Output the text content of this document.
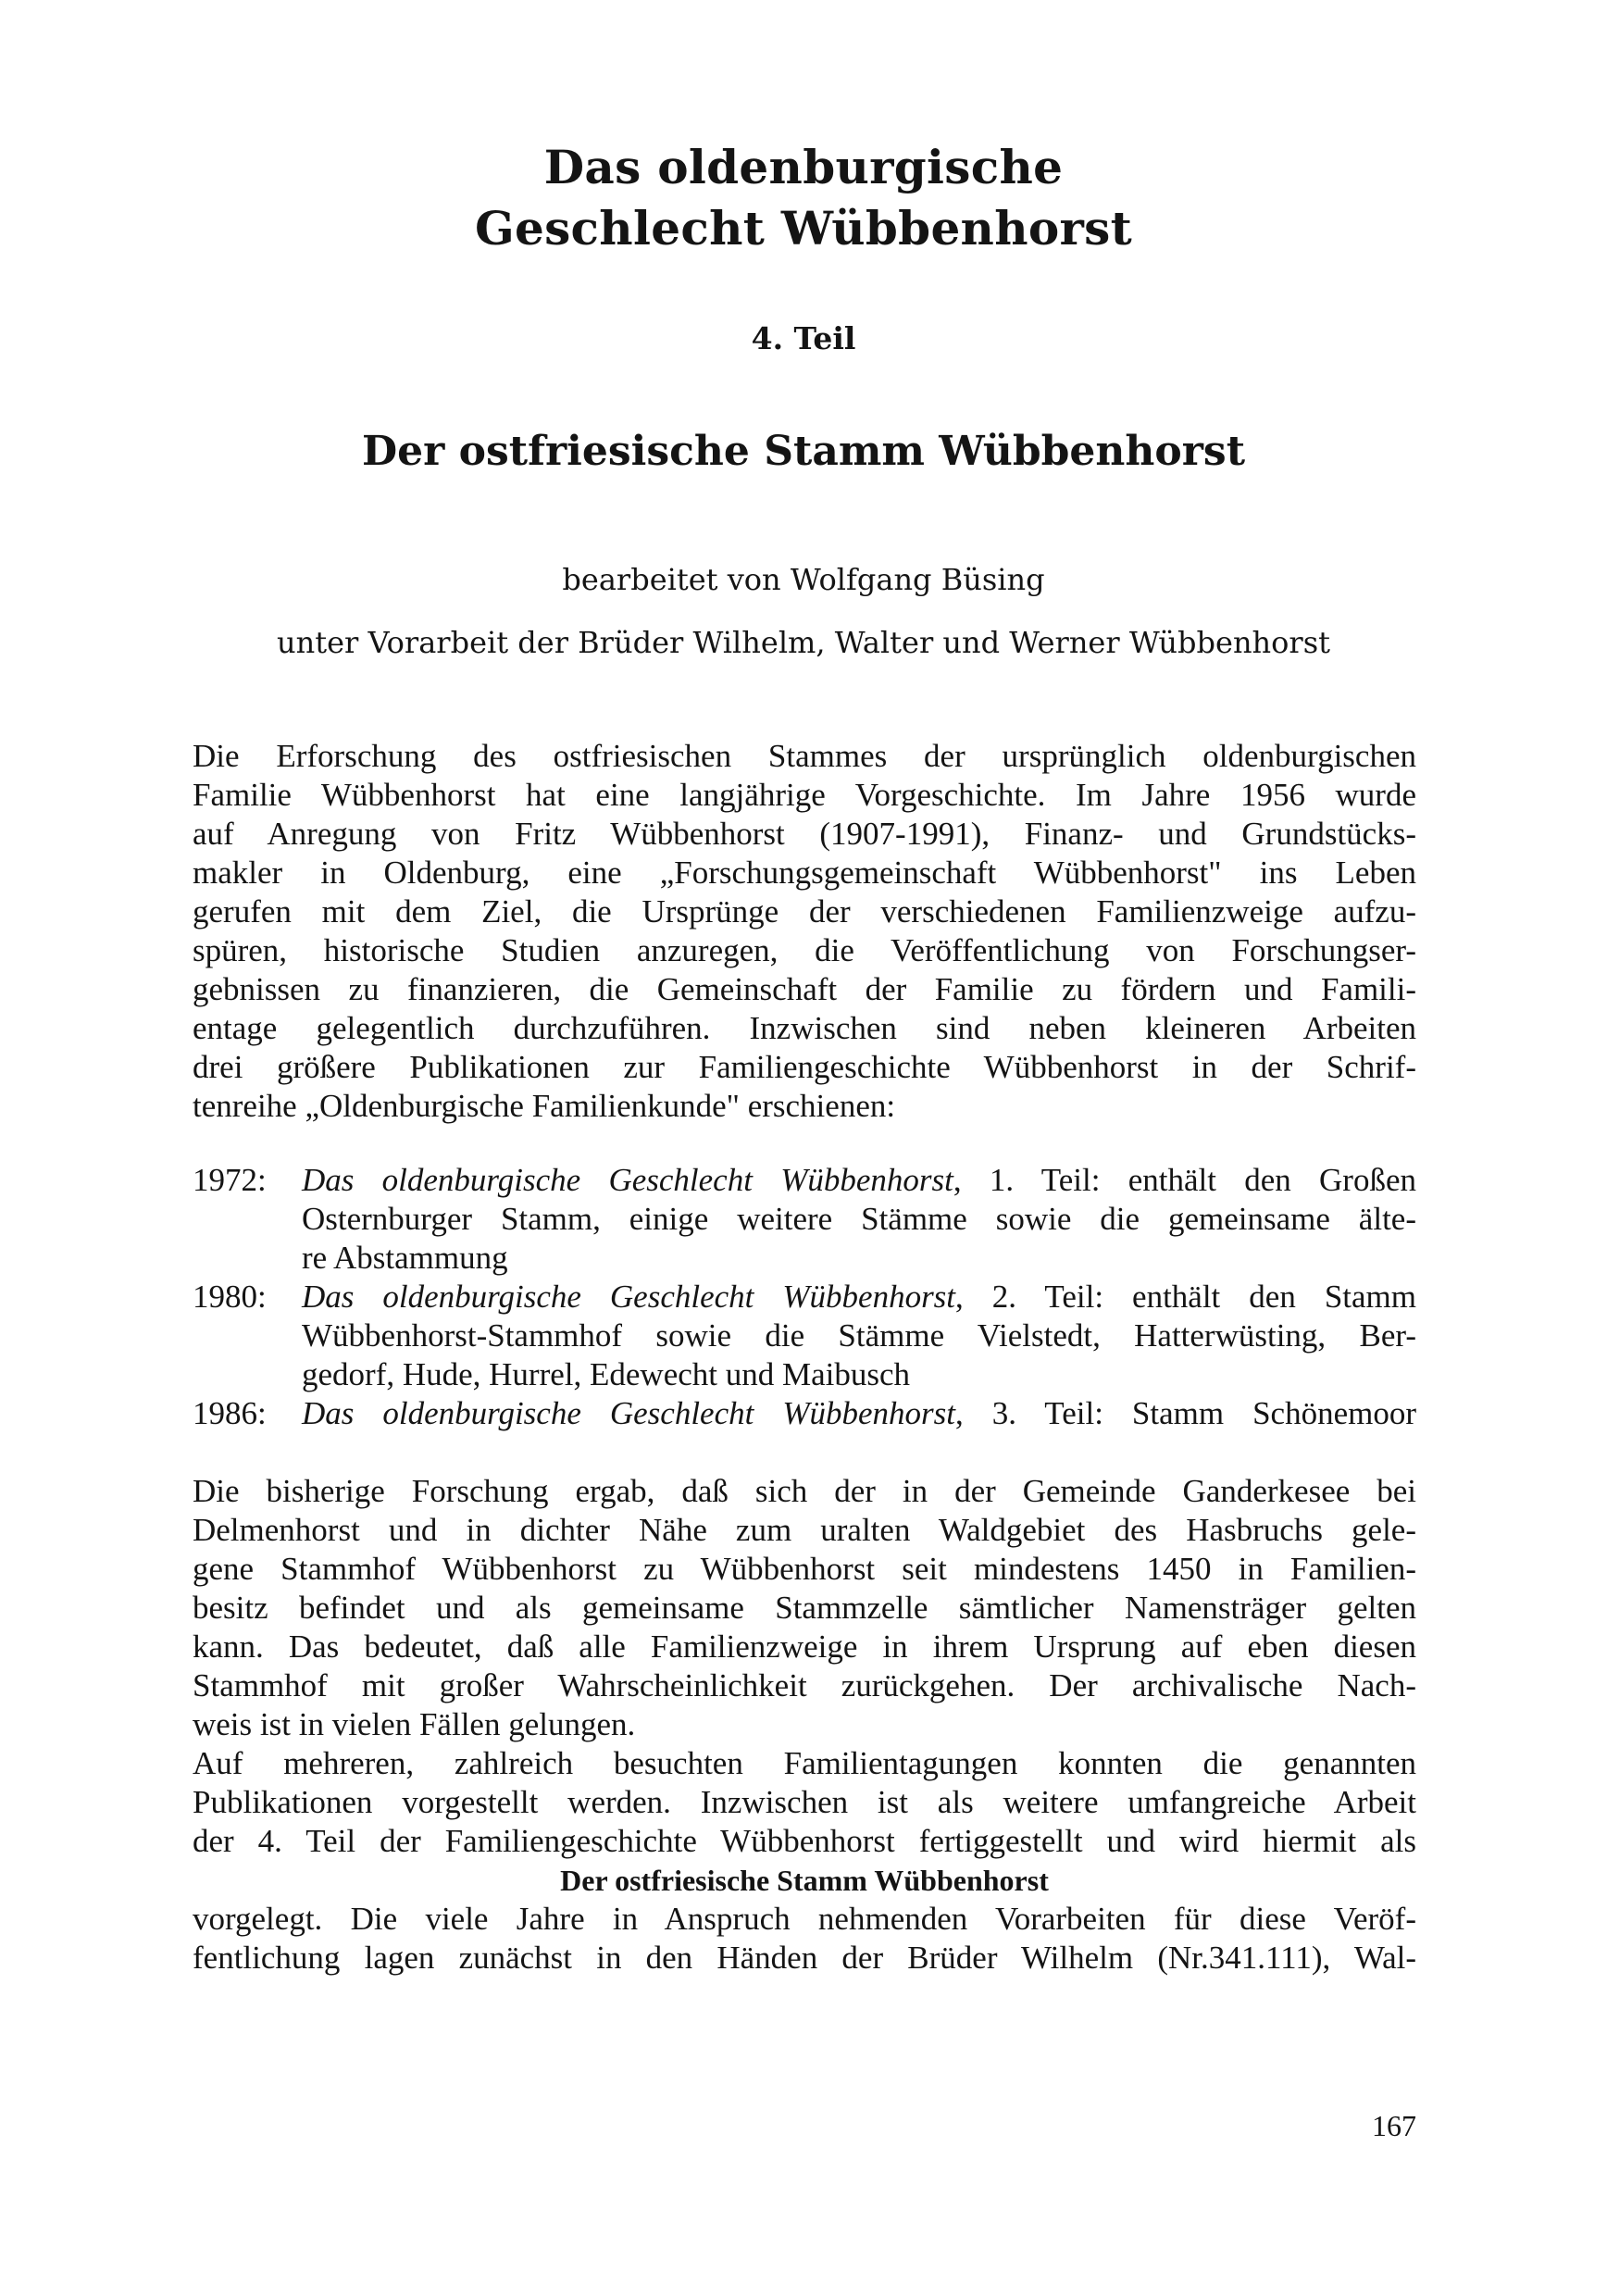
Das oldenburgische
Geschlecht Wübbenhorst
4. Teil
Der ostfriesische Stamm Wübbenhorst
bearbeitet von Wolfgang Büsing
unter Vorarbeit der Brüder Wilhelm, Walter und Werner Wübbenhorst
Die Erforschung des ostfriesischen Stammes der ursprünglich oldenburgischen
Familie Wübbenhorst hat eine langjährige Vorgeschichte. Im Jahre 1956 wurde
auf Anregung von Fritz Wübbenhorst (1907-1991), Finanz- und Grundstücks-
makler in Oldenburg, eine „Forschungsgemeinschaft Wübbenhorst" ins Leben
gerufen mit dem Ziel, die Ursprünge der verschiedenen Familienzweige aufzu-
spüren, historische Studien anzuregen, die Veröffentlichung von Forschungser-
gebnissen zu finanzieren, die Gemeinschaft der Familie zu fördern und Famili-
entage gelegentlich durchzuführen. Inzwischen sind neben kleineren Arbeiten
drei größere Publikationen zur Familiengeschichte Wübbenhorst in der Schrif-
tenreihe „Oldenburgische Familienkunde" erschienen:
1972:	Das oldenburgische Geschlecht Wübbenhorst, 1. Teil: enthält den Großen
Osternburger Stamm, einige weitere Stämme sowie die gemeinsame älte-
re Abstammung
1980:	Das oldenburgische Geschlecht Wübbenhorst, 2. Teil: enthält den Stamm
Wübbenhorst-Stammhof sowie die Stämme Vielstedt, Hatterwüsting, Ber-
gedorf, Hude, Hurrel, Edewecht und Maibusch
1986:	Das oldenburgische Geschlecht Wübbenhorst, 3. Teil: Stamm Schönemoor
Die bisherige Forschung ergab, daß sich der in der Gemeinde Ganderkesee bei
Delmenhorst und in dichter Nähe zum uralten Waldgebiet des Hasbruchs gele-
gene Stammhof Wübbenhorst zu Wübbenhorst seit mindestens 1450 in Familien-
besitz befindet und als gemeinsame Stammzelle sämtlicher Namensträger gelten
kann. Das bedeutet, daß alle Familienzweige in ihrem Ursprung auf eben diesen
Stammhof mit großer Wahrscheinlichkeit zurückgehen. Der archivalische Nach-
weis ist in vielen Fällen gelungen.
Auf mehreren, zahlreich besuchten Familientagungen konnten die genannten
Publikationen vorgestellt werden. Inzwischen ist als weitere umfangreiche Arbeit
der 4. Teil der Familiengeschichte Wübbenhorst fertiggestellt und wird hiermit als
Der ostfriesische Stamm Wübbenhorst
vorgelegt. Die viele Jahre in Anspruch nehmenden Vorarbeiten für diese Veröf-
fentlichung lagen zunächst in den Händen der Brüder Wilhelm (Nr.341.111), Wal-
167
